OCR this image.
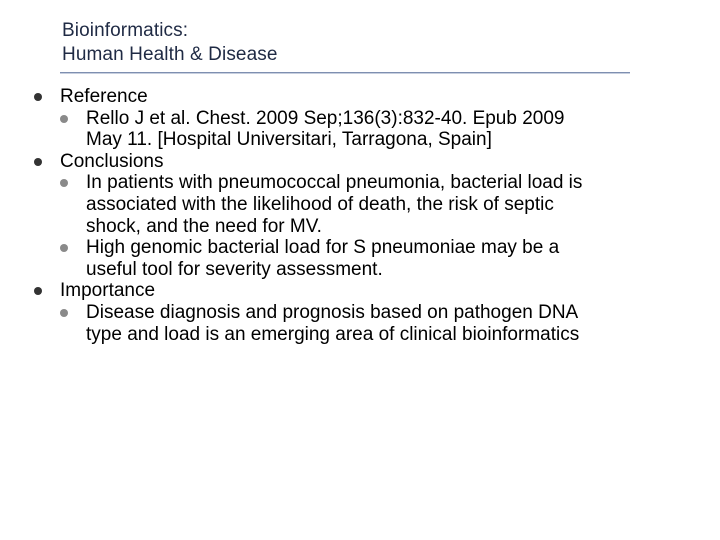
Bioinformatics:
Human Health & Disease
Reference
Rello J et al. Chest. 2009 Sep;136(3):832-40. Epub 2009
May 11. [Hospital Universitari, Tarragona, Spain]
Conclusions
In patients with pneumococcal pneumonia, bacterial load is
associated with the likelihood of death, the risk of septic
shock, and the need for MV.
High genomic bacterial load for S pneumoniae may be a
useful tool for severity assessment.
Importance
Disease diagnosis and prognosis based on pathogen DNA
type and load is an emerging area of clinical bioinformatics
